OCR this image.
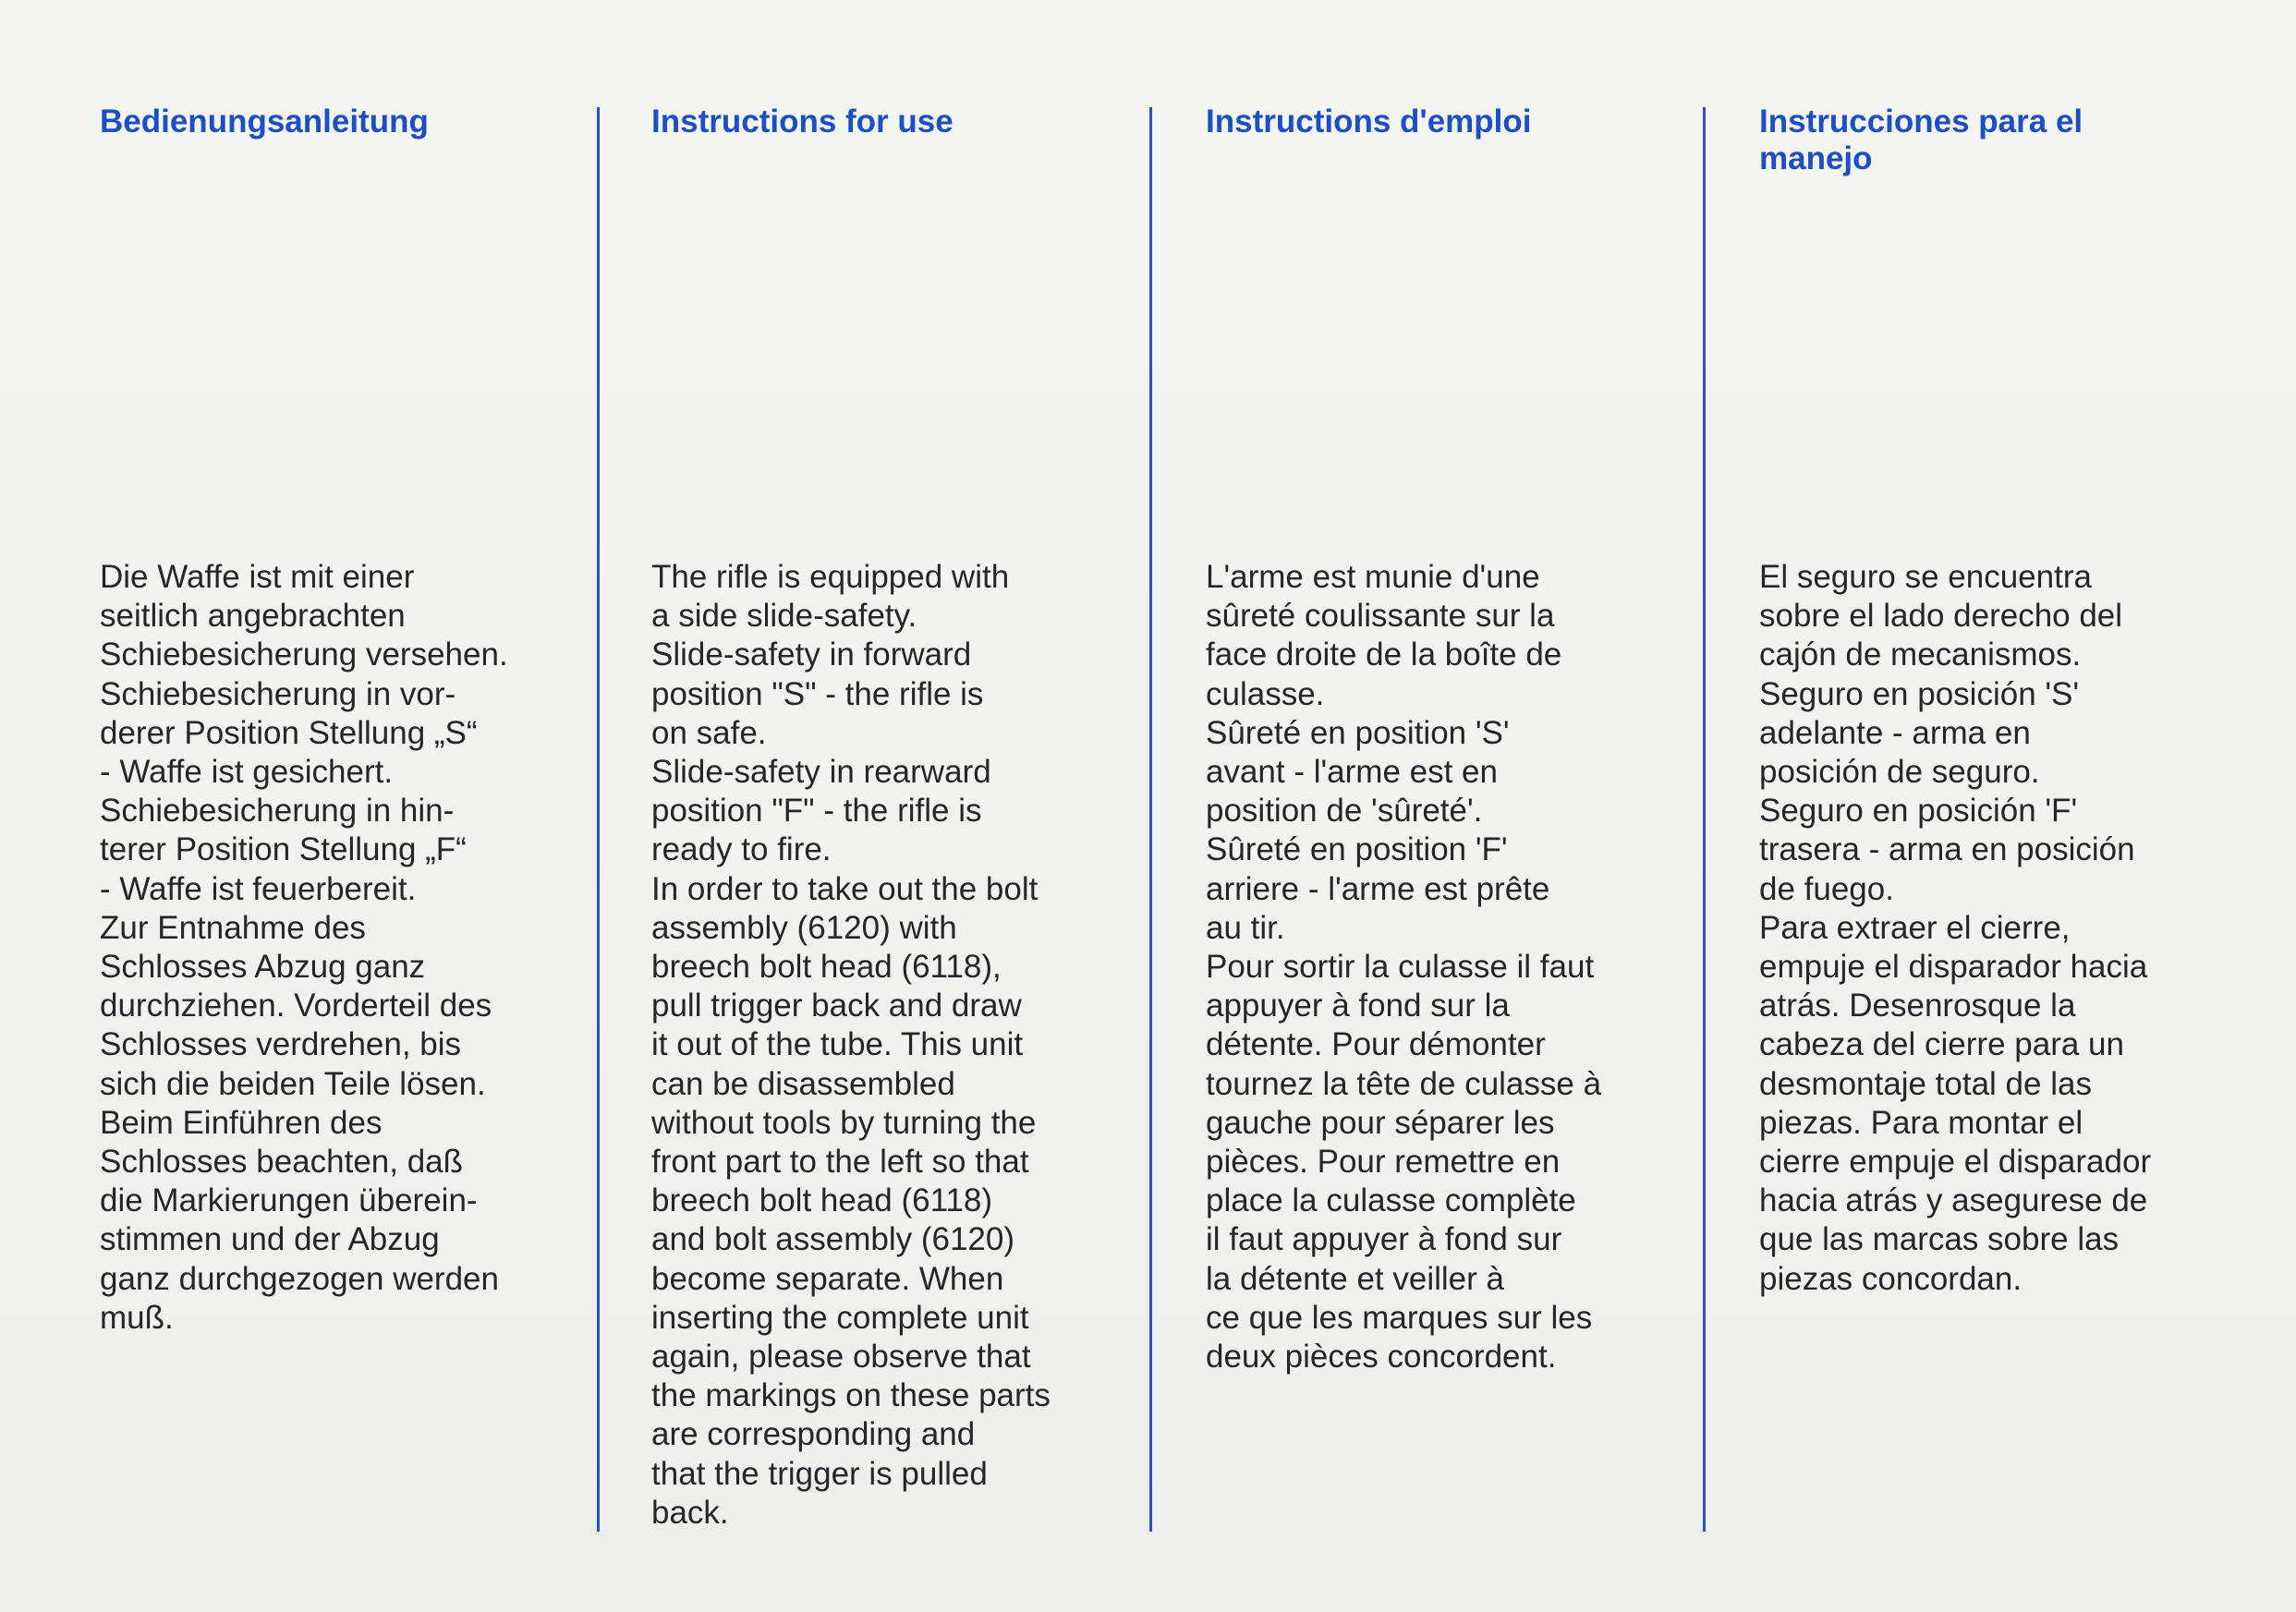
Bedienungsanleitung
Die Waffe ist mit einer
seitlich angebrachten
Schiebesicherung versehen.
Schiebesicherung in vor-
derer Position Stellung „S“
- Waffe ist gesichert.
Schiebesicherung in hin-
terer Position Stellung „F“
- Waffe ist feuerbereit.
Zur Entnahme des
Schlosses Abzug ganz
durchziehen. Vorderteil des
Schlosses verdrehen, bis
sich die beiden Teile lösen.
Beim Einführen des
Schlosses beachten, daß
die Markierungen überein-
stimmen und der Abzug
ganz durchgezogen werden
muß.
Instructions for use
The rifle is equipped with
a side slide-safety.
Slide-safety in forward
position "S" - the rifle is
on safe.
Slide-safety in rearward
position "F" - the rifle is
ready to fire.
In order to take out the bolt
assembly (6120) with
breech bolt head (6118),
pull trigger back and draw
it out of the tube. This unit
can be disassembled
without tools by turning the
front part to the left so that
breech bolt head (6118)
and bolt assembly (6120)
become separate. When
inserting the complete unit
again, please observe that
the markings on these parts
are corresponding and
that the trigger is pulled
back.
Instructions d'emploi
L'arme est munie d'une
sûreté coulissante sur la
face droite de la boîte de
culasse.
Sûreté en position 'S'
avant - l'arme est en
position de 'sûreté'.
Sûreté en position 'F'
arriere - l'arme est prête
au tir.
Pour sortir la culasse il faut
appuyer à fond sur la
détente. Pour démonter
tournez la tête de culasse à
gauche pour séparer les
pièces. Pour remettre en
place la culasse complète
il faut appuyer à fond sur
la détente et veiller à
ce que les marques sur les
deux pièces concordent.
Instrucciones para el manejo
El seguro se encuentra
sobre el lado derecho del
cajón de mecanismos.
Seguro en posición 'S'
adelante - arma en
posición de seguro.
Seguro en posición 'F'
trasera - arma en posición
de fuego.
Para extraer el cierre,
empuje el disparador hacia
atrás. Desenrosque la
cabeza del cierre para un
desmontaje total de las
piezas. Para montar el
cierre empuje el disparador
hacia atrás y asegurese de
que las marcas sobre las
piezas concordan.
